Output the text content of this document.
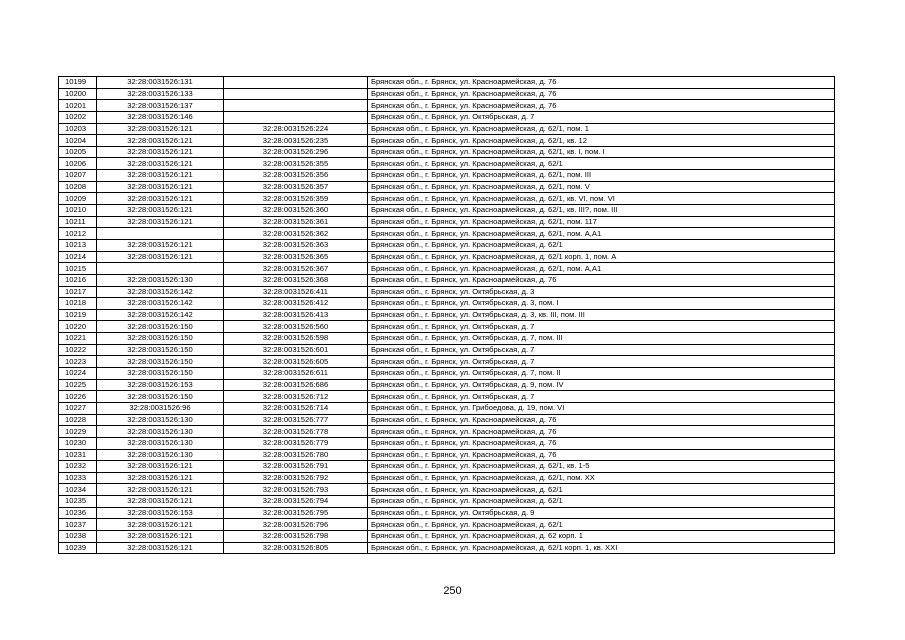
10199	32:28:0031526:131		Брянская обл., г. Брянск, ул. Красноармейская, д. 76
10200	32:28:0031526:133		Брянская обл., г. Брянск, ул. Красноармейская, д. 76
10201	32:28:0031526:137		Брянская обл., г. Брянск, ул. Красноармейская, д. 76
10202	32:28:0031526:146		Брянская обл., г. Брянск, ул. Октябрьская, д. 7
10203	32:28:0031526:121	32:28:0031526:224	Брянская обл., г. Брянск, ул. Красноармейская, д. 62/1, пом. 1
10204	32:28:0031526:121	32:28:0031526:235	Брянская обл., г. Брянск, ул. Красноармейская, д. 62/1, кв. 12
10205	32:28:0031526:121	32:28:0031526:296	Брянская обл., г. Брянск, ул. Красноармейская, д. 62/1, кв. I, пом. I
10206	32:28:0031526:121	32:28:0031526:355	Брянская обл., г. Брянск, ул. Красноармейская, д. 62/1
10207	32:28:0031526:121	32:28:0031526:356	Брянская обл., г. Брянск, ул. Красноармейская, д. 62/1, пом. III
10208	32:28:0031526:121	32:28:0031526:357	Брянская обл., г. Брянск, ул. Красноармейская, д. 62/1, пом. V
10209	32:28:0031526:121	32:28:0031526:359	Брянская обл., г. Брянск, ул. Красноармейская, д. 62/1, кв. VI, пом. VI
10210	32:28:0031526:121	32:28:0031526:360	Брянская обл., г. Брянск, ул. Красноармейская, д. 62/1, кв. III?, пом. III
10211	32:28:0031526:121	32:28:0031526:361	Брянская обл., г. Брянск, ул. Красноармейская, д. 62/1, пом. 117
10212		32:28:0031526:362	Брянская обл., г. Брянск, ул. Красноармейская, д. 62/1, пом. А,А1
10213	32:28:0031526:121	32:28:0031526:363	Брянская обл., г. Брянск, ул. Красноармейская, д. 62/1
10214	32:28:0031526:121	32:28:0031526:365	Брянская обл., г. Брянск, ул. Красноармейская, д. 62/1 корп. 1, пом. А
10215		32:28:0031526:367	Брянская обл., г. Брянск, ул. Красноармейская, д. 62/1, пом. А,А1
10216	32:28:0031526:130	32:28:0031526:368	Брянская обл., г. Брянск, ул. Красноармейская, д. 76
10217	32:28:0031526:142	32:28:0031526:411	Брянская обл., г. Брянск, ул. Октябрьская, д. 3
10218	32:28:0031526:142	32:28:0031526:412	Брянская обл., г. Брянск, ул. Октябрьская, д. 3, пом. I
10219	32:28:0031526:142	32:28:0031526:413	Брянская обл., г. Брянск, ул. Октябрьская, д. 3, кв. III, пом. III
10220	32:28:0031526:150	32:28:0031526:560	Брянская обл., г. Брянск, ул. Октябрьская, д. 7
10221	32:28:0031526:150	32:28:0031526:598	Брянская обл., г. Брянск, ул. Октябрьская, д. 7, пом. III
10222	32:28:0031526:150	32:28:0031526:601	Брянская обл., г. Брянск, ул. Октябрьская, д. 7
10223	32:28:0031526:150	32:28:0031526:605	Брянская обл., г. Брянск, ул. Октябрьская, д. 7
10224	32:28:0031526:150	32:28:0031526:611	Брянская обл., г. Брянск, ул. Октябрьская, д. 7, пом. II
10225	32:28:0031526:153	32:28:0031526:686	Брянская обл., г. Брянск, ул. Октябрьская, д. 9, пом. IV
10226	32:28:0031526:150	32:28:0031526:712	Брянская обл., г. Брянск, ул. Октябрьская, д. 7
10227	32:28:0031526:96	32:28:0031526:714	Брянская обл., г. Брянск, ул. Грибоедова, д. 19, пом. VI
10228	32:28:0031526:130	32:28:0031526:777	Брянская обл., г. Брянск, ул. Красноармейская, д. 76
10229	32:28:0031526:130	32:28:0031526:778	Брянская обл., г. Брянск, ул. Красноармейская, д. 76
10230	32:28:0031526:130	32:28:0031526:779	Брянская обл., г. Брянск, ул. Красноармейская, д. 76
10231	32:28:0031526:130	32:28:0031526:780	Брянская обл., г. Брянск, ул. Красноармейская, д. 76
10232	32:28:0031526:121	32:28:0031526:791	Брянская обл., г. Брянск, ул. Красноармейская, д. 62/1, кв. 1-5
10233	32:28:0031526:121	32:28:0031526:792	Брянская обл., г. Брянск, ул. Красноармейская, д. 62/1, пом. XX
10234	32:28:0031526:121	32:28:0031526:793	Брянская обл., г. Брянск, ул. Красноармейская, д. 62/1
10235	32:28:0031526:121	32:28:0031526:794	Брянская обл., г. Брянск, ул. Красноармейская, д. 62/1
10236	32:28:0031526:153	32:28:0031526:795	Брянская обл., г. Брянск, ул. Октябрьская, д. 9
10237	32:28:0031526:121	32:28:0031526:796	Брянская обл., г. Брянск, ул. Красноармейская, д. 62/1
10238	32:28:0031526:121	32:28:0031526:798	Брянская обл., г. Брянск, ул. Красноармейская, д. 62 корп. 1
10239	32:28:0031526:121	32:28:0031526:805	Брянская обл., г. Брянск, ул. Красноармейская, д. 62/1 корп. 1, кв. XXI
250
